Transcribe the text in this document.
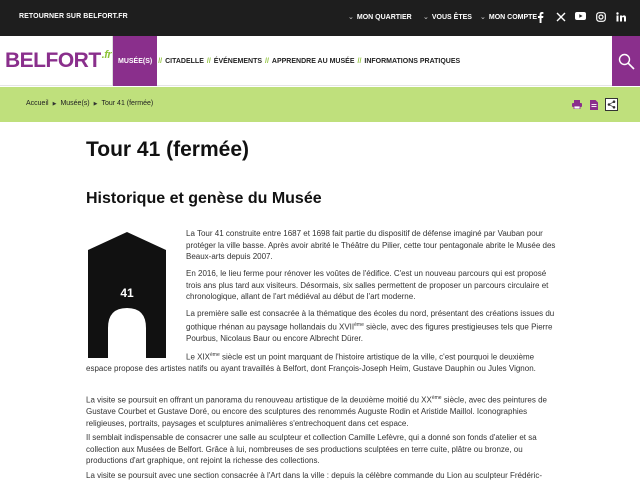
RETOURNER SUR BELFORT.FR	⌄ MON QUARTIER ⌄ VOUS ÊTES ⌄ MON COMPTE
$BELFORT^{.fr}$ MUSÉE(S) // CITADELLE // ÉVÉNEMENTS // APPRENDRE AU MUSÉE // INFORMATIONS PRATIQUES
Accueil ▶ Musée(s) ▶ Tour 41 (fermée)
Tour 41 (fermée)
Historique et genèse du Musée
41

La Tour 41 construite entre 1687 et 1698 fait partie du dispositif de défense imaginé par Vauban pour protéger la ville basse. Après avoir abrité le Théâtre du Pilier, cette tour pentagonale abrite le Musée des Beaux-arts depuis 2007.

En 2016, le lieu ferme pour rénover les voûtes de l'édifice. C'est un nouveau parcours qui est proposé trois ans plus tard aux visiteurs. Désormais, six salles permettent de proposer un parcours circulaire et chronologique, allant de l'art médiéval au début de l'art moderne.

La première salle est consacrée à la thématique des écoles du nord, présentant des créations issues du gothique rhénan au paysage hollandais du XVIIème siècle, avec des figures prestigieuses tels que Pierre Pourbus, Nicolaus Baur ou encore Albrecht Dürer.

Le XIXème siècle est un point marquant de l'histoire artistique de la ville, c'est pourquoi le deuxième espace propose des artistes natifs ou ayant travaillés à Belfort, dont François-Joseph Heim, Gustave Dauphin ou Jules Vignon.

La visite se poursuit en offrant un panorama du renouveau artistique de la deuxième moitié du XXème siècle, avec des peintures de Gustave Courbet et Gustave Doré, ou encore des sculptures des renommés Auguste Rodin et Aristide Maillol. Iconographies religieuses, portraits, paysages et sculptures animalières s'entrechoquent dans cet espace.

Il semblait indispensable de consacrer une salle au sculpteur et collection Camille Lefèvre, qui a donné son fonds d'atelier et sa collection aux Musées de Belfort. Grâce à lui, nombreuses de ses productions sculptées en terre cuite, plâtre ou bronze, ou productions d'art graphique, ont rejoint la richesse des collections.

La visite se poursuit avec une section consacrée à l'Art dans la ville : depuis la célèbre commande du Lion au sculpteur Frédéric-
